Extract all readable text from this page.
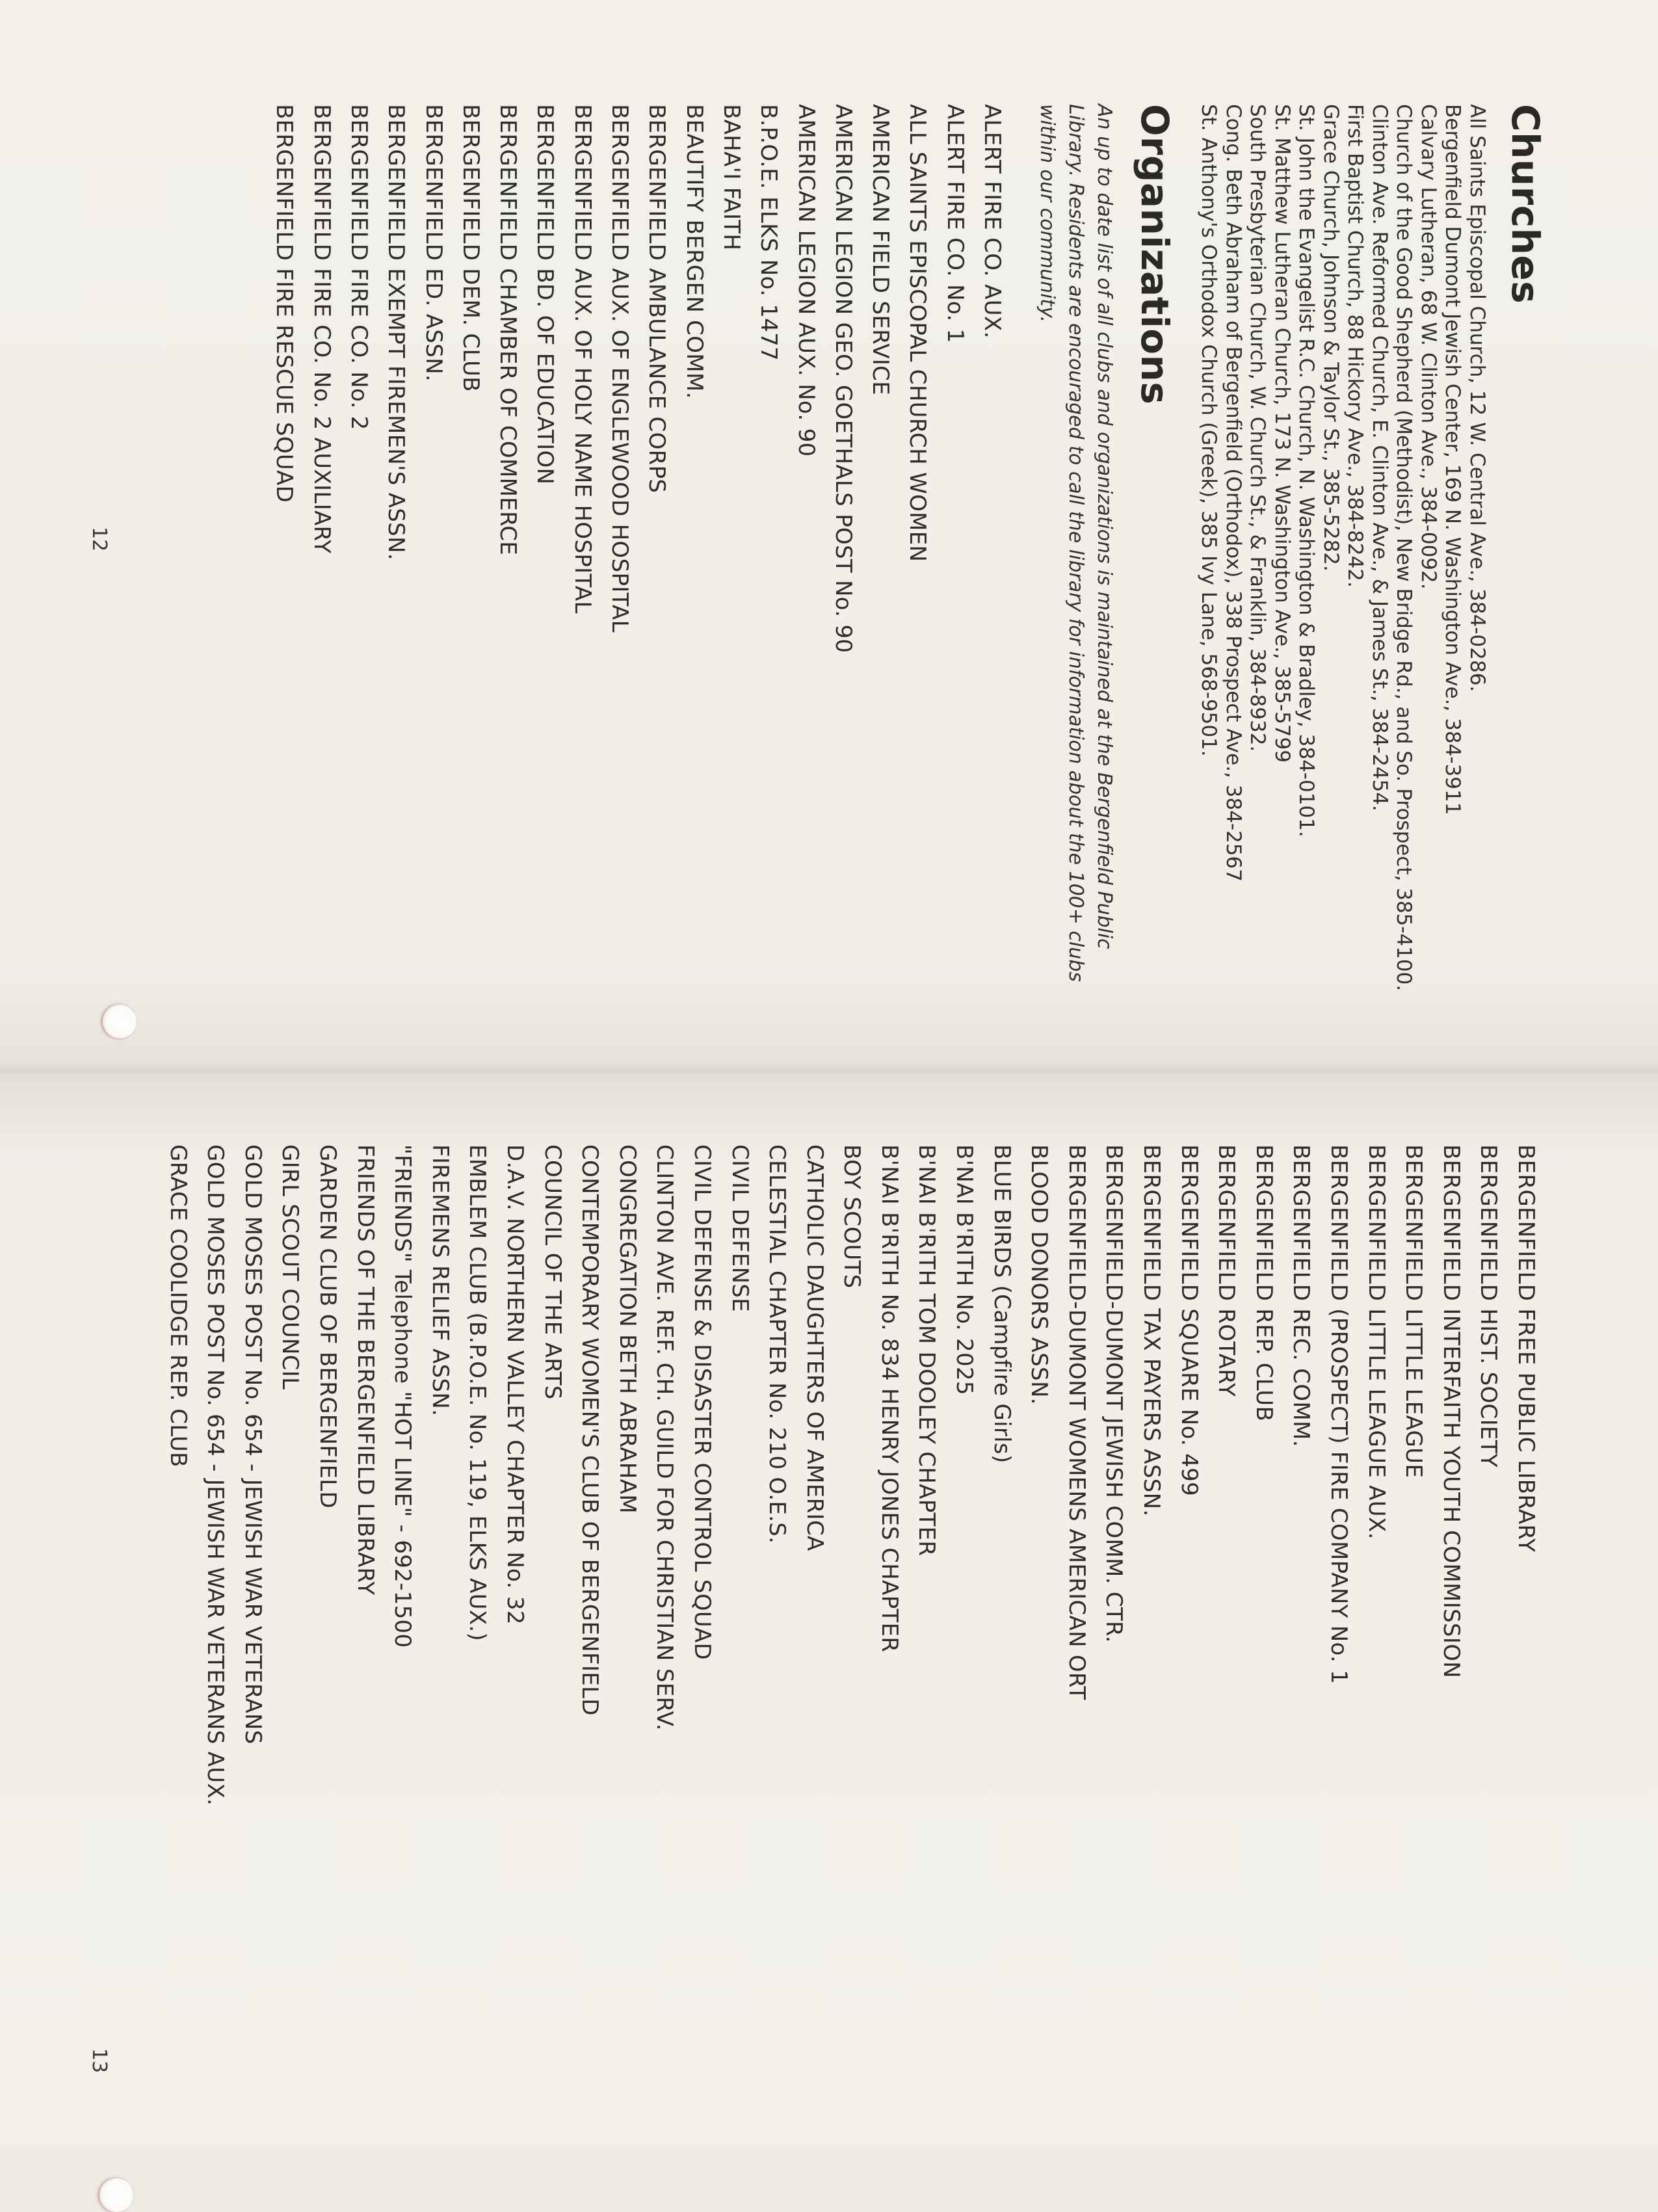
Churches

All Saints Episcopal Church, 12 W. Central Ave., 384-0286.

Bergenfield Dumont Jewish Center, 169 N. Washington Ave., 384-3911

Calvary Lutheran, 68 W. Clinton Ave., 384-0092.

Church of the Good Shepherd (Methodist), New Bridge Rd., and So. Prospect, 385-4100.

Clinton Ave. Reformed Church, E. Clinton Ave., & James St., 384-2454.

First Baptist Church, 88 Hickory Ave., 384-8242.

Grace Church, Johnson & Taylor St., 385-5282.

St. John the Evangelist R.C. Church, N. Washington & Bradley, 384-0101.

St. Matthew Lutheran Church, 173 N. Washington Ave., 385-5799

South Presbyterian Church, W. Church St., & Franklin, 384-8932.

Cong. Beth Abraham of Bergenfield (Orthodox), 338 Prospect Ave., 384-2567

St. Anthony's Orthodox Church (Greek), 385 Ivy Lane, 568-9501.

Organizations

An up to date list of all clubs and organizations is maintained at the Bergenfield Public Library. Residents are encouraged to call the library for information about the 100+ clubs within our community.

ALERT FIRE CO. AUX.
ALERT FIRE CO. No. 1
ALL SAINTS EPISCOPAL CHURCH WOMEN
AMERICAN FIELD SERVICE
AMERICAN LEGION GEO. GOETHALS POST No. 90
AMERICAN LEGION AUX. No. 90
B.P.O.E. ELKS No. 1477
BAHA'I FAITH
BEAUTIFY BERGEN COMM.
BERGENFIELD AMBULANCE CORPS
BERGENFIELD AUX. OF ENGLEWOOD HOSPITAL
BERGENFIELD AUX. OF HOLY NAME HOSPITAL
BERGENFIELD BD. OF EDUCATION
BERGENFIELD CHAMBER OF COMMERCE
BERGENFIELD DEM. CLUB
BERGENFIELD ED. ASSN.
BERGENFIELD EXEMPT FIREMEN'S ASSN.
BERGENFIELD FIRE CO. No. 2
BERGENFIELD FIRE CO. No. 2 AUXILIARY
BERGENFIELD FIRE RESCUE SQUAD
12
BERGENFIELD FREE PUBLIC LIBRARY
BERGENFIELD HIST. SOCIETY
BERGENFIELD INTERFAITH YOUTH COMMISSION
BERGENFIELD LITTLE LEAGUE
BERGENFIELD LITTLE LEAGUE AUX.
BERGENFIELD (PROSPECT) FIRE COMPANY No. 1
BERGENFIELD REC. COMM.
BERGENFIELD REP. CLUB
BERGENFIELD ROTARY
BERGENFIELD SQUARE No. 499
BERGENFIELD TAX PAYERS ASSN.
BERGENFIELD-DUMONT JEWISH COMM. CTR.
BERGENFIELD-DUMONT WOMENS AMERICAN ORT
BLOOD DONORS ASSN.
BLUE BIRDS (Campfire Girls)
B'NAI B'RITH No. 2025
B'NAI B'RITH TOM DOOLEY CHAPTER
B'NAI B'RITH No. 834 HENRY JONES CHAPTER
BOY SCOUTS
CATHOLIC DAUGHTERS OF AMERICA
CELESTIAL CHAPTER No. 210 O.E.S.
CIVIL DEFENSE
CIVIL DEFENSE & DISASTER CONTROL SQUAD
CLINTON AVE. REF. CH. GUILD FOR CHRISTIAN SERV.
CONGREGATION BETH ABRAHAM
CONTEMPORARY WOMEN'S CLUB OF BERGENFIELD
COUNCIL OF THE ARTS
D.A.V. NORTHERN VALLEY CHAPTER No. 32
EMBLEM CLUB (B.P.O.E. No. 119, ELKS AUX.)
FIREMENS RELIEF ASSN.
"FRIENDS" Telephone "HOT LINE" - 692-1500
FRIENDS OF THE BERGENFIELD LIBRARY
GARDEN CLUB OF BERGENFIELD
GIRL SCOUT COUNCIL
GOLD MOSES POST No. 654 - JEWISH WAR VETERANS
GOLD MOSES POST No. 654 - JEWISH WAR VETERANS AUX.
GRACE COOLIDGE REP. CLUB
13
